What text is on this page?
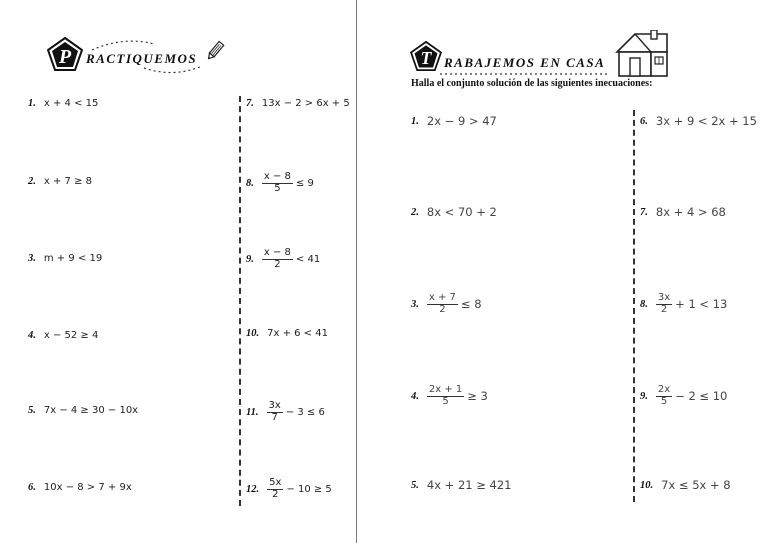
P RACTIQUEMOS
1. x + 4 < 15
2. x + 7 ≥ 8
3. m + 9 < 19
4. x − 52 ≥ 4
5. 7x − 4 ≥ 30 − 10x
6. 10x − 8 > 7 + 9x
7. 13x − 2 > 6x + 5
8. $\frac{x - 8}{5} \le 9$
9. $\frac{x - 8}{2} < 41$
10. 7x + 6 < 41
11. $\frac{3x}{7} - 3 \le 6$
12. $\frac{5x}{2} - 10 \ge 5$
T RABAJEMOS EN CASA
Halla el conjunto solución de las siguientes inecuaciones:
1. 2x − 9 > 47
2. 8x < 70 + 2
3. $\frac{x + 7}{2} \le 8$
4. $\frac{2x + 1}{5} \ge 3$
5. 4x + 21 ≥ 421
6. 3x + 9 < 2x + 15
7. 8x + 4 > 68
8. $\frac{3x}{2} + 1 < 13$
9. $\frac{2x}{5} - 2 \le 10$
10. 7x ≤ 5x + 8
